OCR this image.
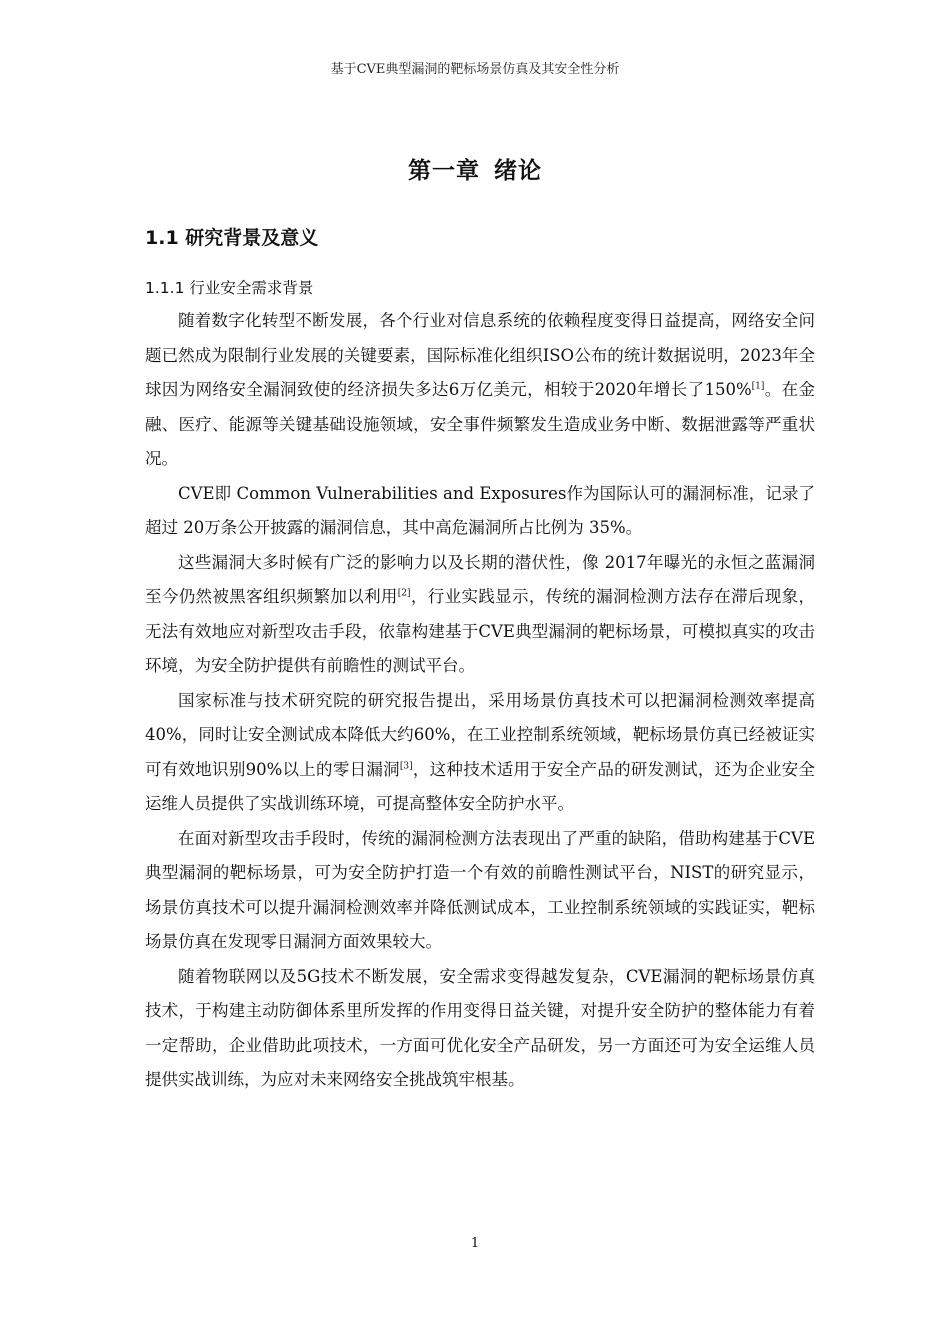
基于CVE典型漏洞的靶标场景仿真及其安全性分析
第一章 绪论
1.1 研究背景及意义
1.1.1 行业安全需求背景

随着数字化转型不断发展，各个行业对信息系统的依赖程度变得日益提高，网络安全问题已然成为限制行业发展的关键要素，国际标准化组织ISO公布的统计数据说明，2023年全球因为网络安全漏洞致使的经济损失多达6万亿美元，相较于2020年增长了150%[1]。在金融、医疗、能源等关键基础设施领域，安全事件频繁发生造成业务中断、数据泄露等严重状况。

CVE即 Common Vulnerabilities and Exposures作为国际认可的漏洞标准，记录了超过 20万条公开披露的漏洞信息，其中高危漏洞所占比例为 35%。

这些漏洞大多时候有广泛的影响力以及长期的潜伏性，像 2017年曝光的永恒之蓝漏洞至今仍然被黑客组织频繁加以利用[2]，行业实践显示，传统的漏洞检测方法存在滞后现象，无法有效地应对新型攻击手段，依靠构建基于CVE典型漏洞的靶标场景，可模拟真实的攻击环境，为安全防护提供有前瞻性的测试平台。

国家标准与技术研究院的研究报告提出，采用场景仿真技术可以把漏洞检测效率提高40%，同时让安全测试成本降低大约60%，在工业控制系统领域，靶标场景仿真已经被证实可有效地识别90%以上的零日漏洞[3]，这种技术适用于安全产品的研发测试，还为企业安全运维人员提供了实战训练环境，可提高整体安全防护水平。

在面对新型攻击手段时，传统的漏洞检测方法表现出了严重的缺陷，借助构建基于CVE典型漏洞的靶标场景，可为安全防护打造一个有效的前瞻性测试平台，NIST的研究显示，场景仿真技术可以提升漏洞检测效率并降低测试成本，工业控制系统领域的实践证实，靶标场景仿真在发现零日漏洞方面效果较大。

随着物联网以及5G技术不断发展，安全需求变得越发复杂，CVE漏洞的靶标场景仿真技术，于构建主动防御体系里所发挥的作用变得日益关键，对提升安全防护的整体能力有着一定帮助，企业借助此项技术，一方面可优化安全产品研发，另一方面还可为安全运维人员提供实战训练，为应对未来网络安全挑战筑牢根基。

1
